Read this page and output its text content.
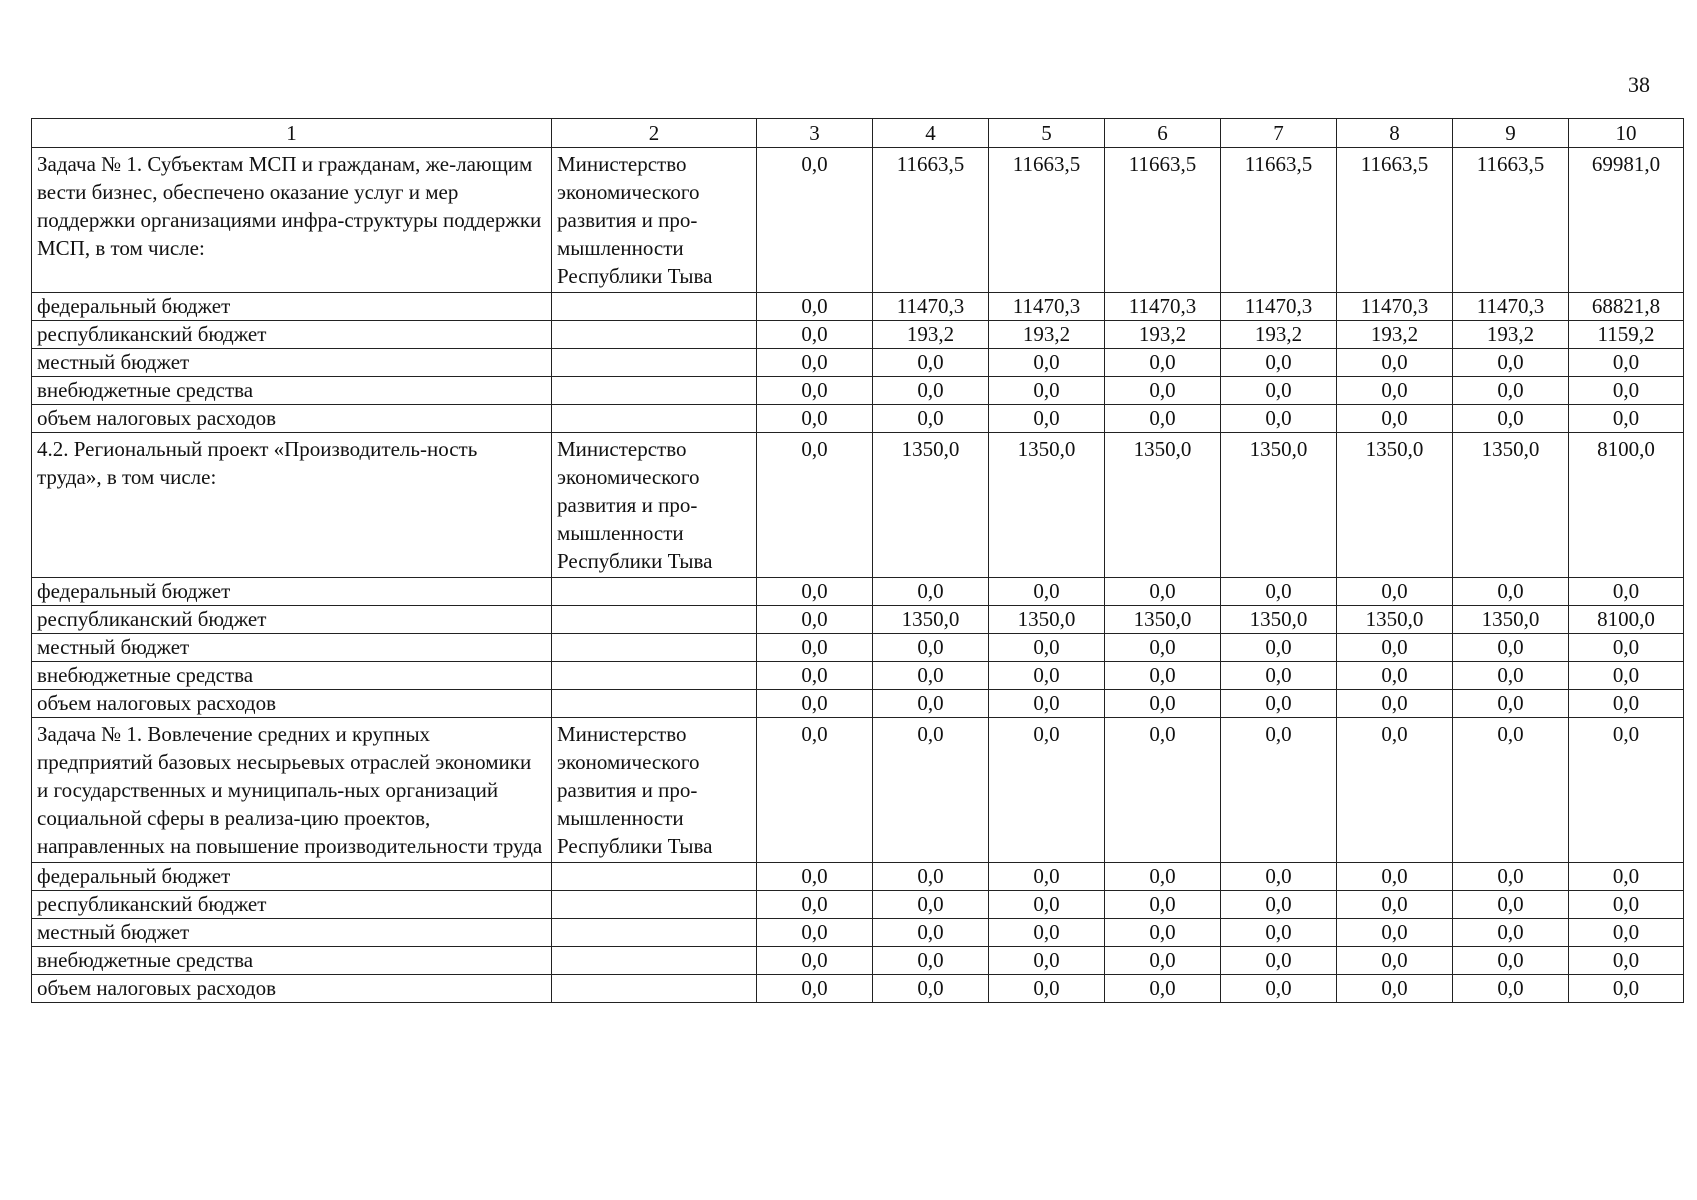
38
1	2	3	4	5	6	7	8	9	10
Задача № 1. Субъектам МСП и гражданам, же-лающим вести бизнес, обеспечено оказание услуг и мер поддержки организациями инфра-структуры поддержки МСП, в том числе:	Министерство экономического развития и про-мышленности Республики Тыва	0,0	11663,5	11663,5	11663,5	11663,5	11663,5	11663,5	69981,0
федеральный бюджет		0,0	11470,3	11470,3	11470,3	11470,3	11470,3	11470,3	68821,8
республиканский бюджет		0,0	193,2	193,2	193,2	193,2	193,2	193,2	1159,2
местный бюджет		0,0	0,0	0,0	0,0	0,0	0,0	0,0	0,0
внебюджетные средства		0,0	0,0	0,0	0,0	0,0	0,0	0,0	0,0
объем налоговых расходов		0,0	0,0	0,0	0,0	0,0	0,0	0,0	0,0
4.2. Региональный проект «Производитель-ность труда», в том числе:	Министерство экономического развития и про-мышленности Республики Тыва	0,0	1350,0	1350,0	1350,0	1350,0	1350,0	1350,0	8100,0
федеральный бюджет		0,0	0,0	0,0	0,0	0,0	0,0	0,0	0,0
республиканский бюджет		0,0	1350,0	1350,0	1350,0	1350,0	1350,0	1350,0	8100,0
местный бюджет		0,0	0,0	0,0	0,0	0,0	0,0	0,0	0,0
внебюджетные средства		0,0	0,0	0,0	0,0	0,0	0,0	0,0	0,0
объем налоговых расходов		0,0	0,0	0,0	0,0	0,0	0,0	0,0	0,0
Задача № 1. Вовлечение средних и крупных предприятий базовых несырьевых отраслей экономики и государственных и муниципаль-ных организаций социальной сферы в реализа-цию проектов, направленных на повышение производительности труда	Министерство экономического развития и про-мышленности Республики Тыва	0,0	0,0	0,0	0,0	0,0	0,0	0,0	0,0
федеральный бюджет		0,0	0,0	0,0	0,0	0,0	0,0	0,0	0,0
республиканский бюджет		0,0	0,0	0,0	0,0	0,0	0,0	0,0	0,0
местный бюджет		0,0	0,0	0,0	0,0	0,0	0,0	0,0	0,0
внебюджетные средства		0,0	0,0	0,0	0,0	0,0	0,0	0,0	0,0
объем налоговых расходов		0,0	0,0	0,0	0,0	0,0	0,0	0,0	0,0
